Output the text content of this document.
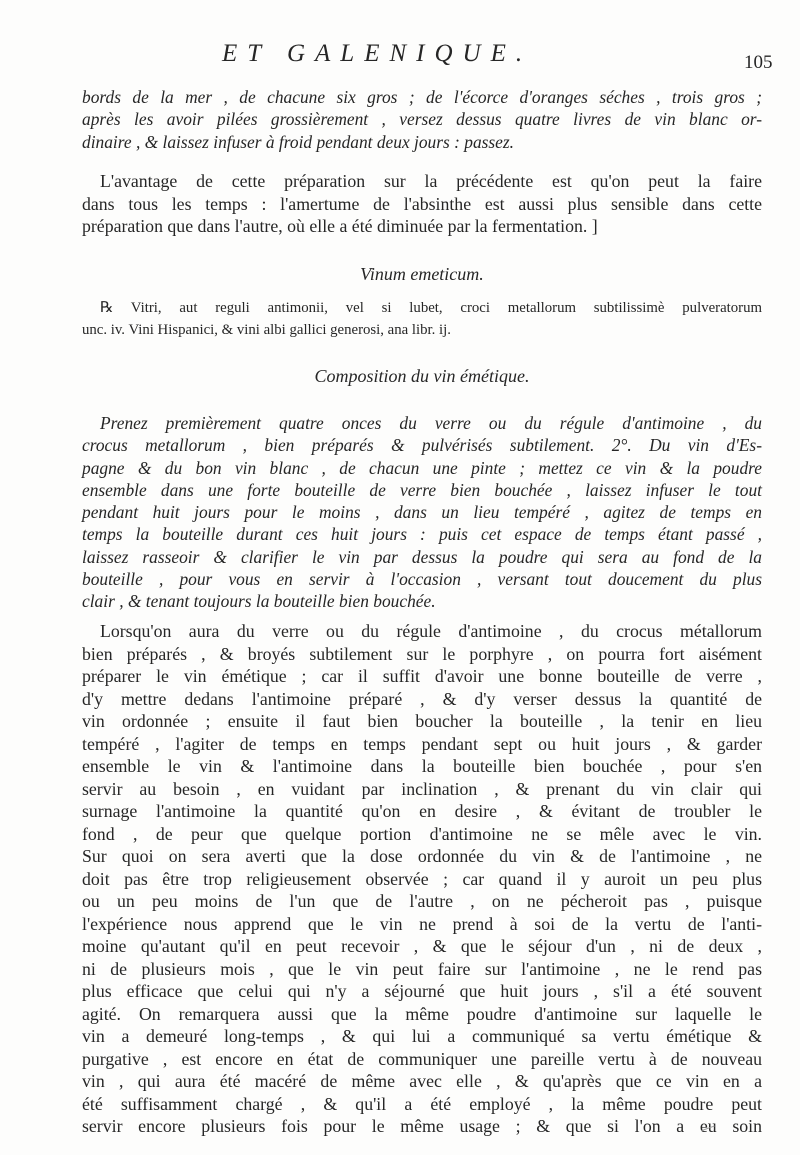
ET GALENIQUE.	105

bords de la mer , de chacune six gros ; de l'écorce d'oranges séches , trois gros ;
après les avoir pilées grossièrement , versez dessus quatre livres de vin blanc or-
dinaire , & laissez infuser à froid pendant deux jours : passez.

L'avantage de cette préparation sur la précédente est qu'on peut la faire
dans tous les temps : l'amertume de l'absinthe est aussi plus sensible dans cette
préparation que dans l'autre, où elle a été diminuée par la fermentation. ]

Vinum emeticum.

℞ Vitri, aut reguli antimonii, vel si lubet, croci metallorum subtilissimè pulveratorum
unc. iv. Vini Hispanici, & vini albi gallici generosi, ana libr. ij.

Composition du vin émétique.

Prenez premièrement quatre onces du verre ou du régule d'antimoine , du
crocus metallorum , bien préparés & pulvérisés subtilement. 2°. Du vin d'Es-
pagne & du bon vin blanc , de chacun une pinte ; mettez ce vin & la poudre
ensemble dans une forte bouteille de verre bien bouchée , laissez infuser le tout
pendant huit jours pour le moins , dans un lieu tempéré , agitez de temps en
temps la bouteille durant ces huit jours : puis cet espace de temps étant passé ,
laissez rasseoir & clarifier le vin par dessus la poudre qui sera au fond de la
bouteille , pour vous en servir à l'occasion , versant tout doucement du plus
clair , & tenant toujours la bouteille bien bouchée.

Lorsqu'on aura du verre ou du régule d'antimoine , du crocus métallorum
bien préparés , & broyés subtilement sur le porphyre , on pourra fort aisément
préparer le vin émétique ; car il suffit d'avoir une bonne bouteille de verre ,
d'y mettre dedans l'antimoine préparé , & d'y verser dessus la quantité de
vin ordonnée ; ensuite il faut bien boucher la bouteille , la tenir en lieu
tempéré , l'agiter de temps en temps pendant sept ou huit jours , & garder
ensemble le vin & l'antimoine dans la bouteille bien bouchée , pour s'en
servir au besoin , en vuidant par inclination , & prenant du vin clair qui
surnage l'antimoine la quantité qu'on en desire , & évitant de troubler le
fond , de peur que quelque portion d'antimoine ne se mêle avec le vin.
Sur quoi on sera averti que la dose ordonnée du vin & de l'antimoine , ne
doit pas être trop religieusement observée ; car quand il y auroit un peu plus
ou un peu moins de l'un que de l'autre , on ne pécheroit pas , puisque
l'expérience nous apprend que le vin ne prend à soi de la vertu de l'anti-
moine qu'autant qu'il en peut recevoir , & que le séjour d'un , ni de deux ,
ni de plusieurs mois , que le vin peut faire sur l'antimoine , ne le rend pas
plus efficace que celui qui n'y a séjourné que huit jours , s'il a été souvent
agité. On remarquera aussi que la même poudre d'antimoine sur laquelle le
vin a demeuré long-temps , & qui lui a communiqué sa vertu émétique &
purgative , est encore en état de communiquer une pareille vertu à de nouveau
vin , qui aura été macéré de même avec elle , & qu'après que ce vin en a
été suffisamment chargé , & qu'il a été employé , la même poudre peut
servir encore plusieurs fois pour le même usage ; & que si l'on a eu soin
